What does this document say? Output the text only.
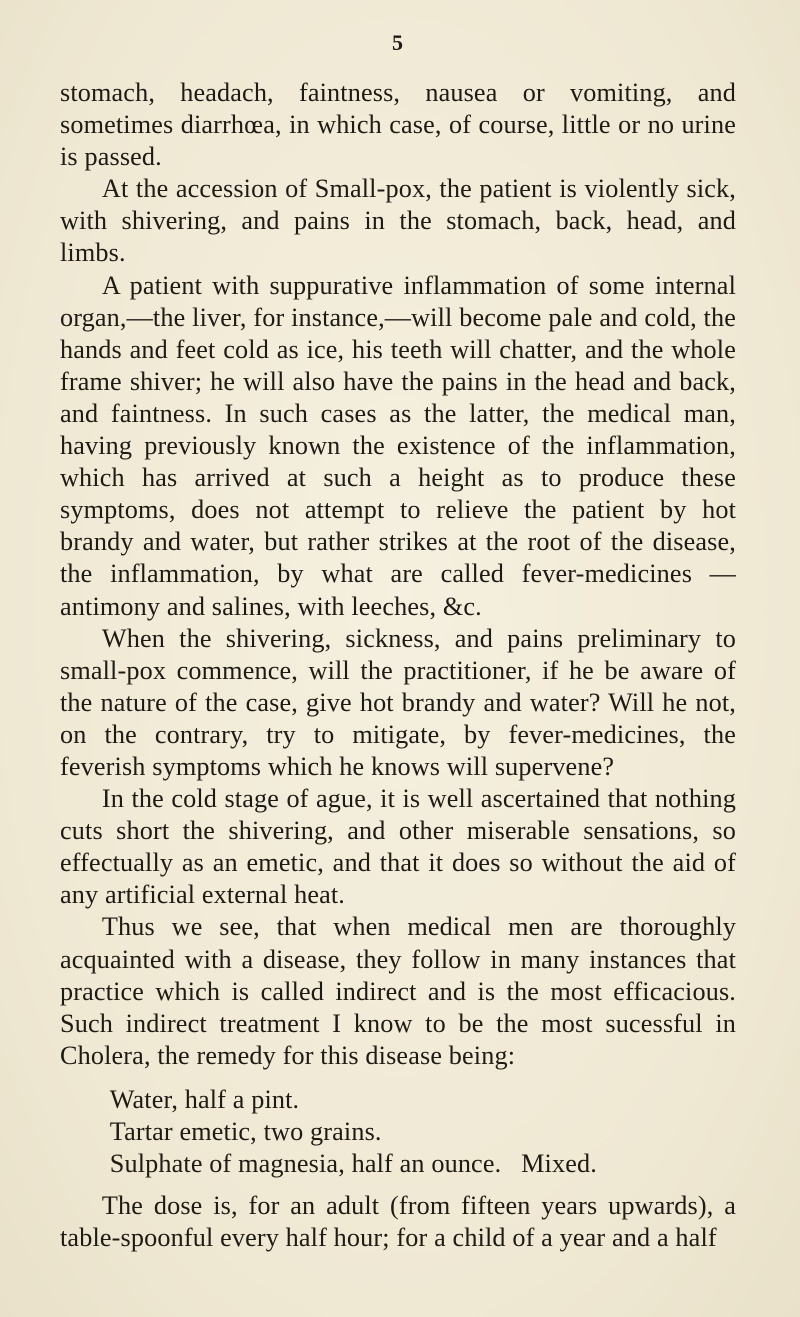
5

stomach, headach, faintness, nausea or vomiting, and sometimes diarrhœa, in which case, of course, little or no urine is passed.

At the accession of Small-pox, the patient is violently sick, with shivering, and pains in the stomach, back, head, and limbs.

A patient with suppurative inflammation of some internal organ,—the liver, for instance,—will become pale and cold, the hands and feet cold as ice, his teeth will chatter, and the whole frame shiver; he will also have the pains in the head and back, and faintness. In such cases as the latter, the medical man, having previously known the existence of the inflammation, which has arrived at such a height as to produce these symptoms, does not attempt to relieve the patient by hot brandy and water, but rather strikes at the root of the disease, the inflammation, by what are called fever-medicines —antimony and salines, with leeches, &c.

When the shivering, sickness, and pains preliminary to small-pox commence, will the practitioner, if he be aware of the nature of the case, give hot brandy and water? Will he not, on the contrary, try to mitigate, by fever-medicines, the feverish symptoms which he knows will supervene?

In the cold stage of ague, it is well ascertained that nothing cuts short the shivering, and other miserable sensations, so effectually as an emetic, and that it does so without the aid of any artificial external heat.

Thus we see, that when medical men are thoroughly acquainted with a disease, they follow in many instances that practice which is called indirect and is the most efficacious. Such indirect treatment I know to be the most sucessful in Cholera, the remedy for this disease being:

Water, half a pint.

Tartar emetic, two grains.

Sulphate of magnesia, half an ounce. Mixed.

The dose is, for an adult (from fifteen years upwards), a table-spoonful every half hour; for a child of a year and a half
